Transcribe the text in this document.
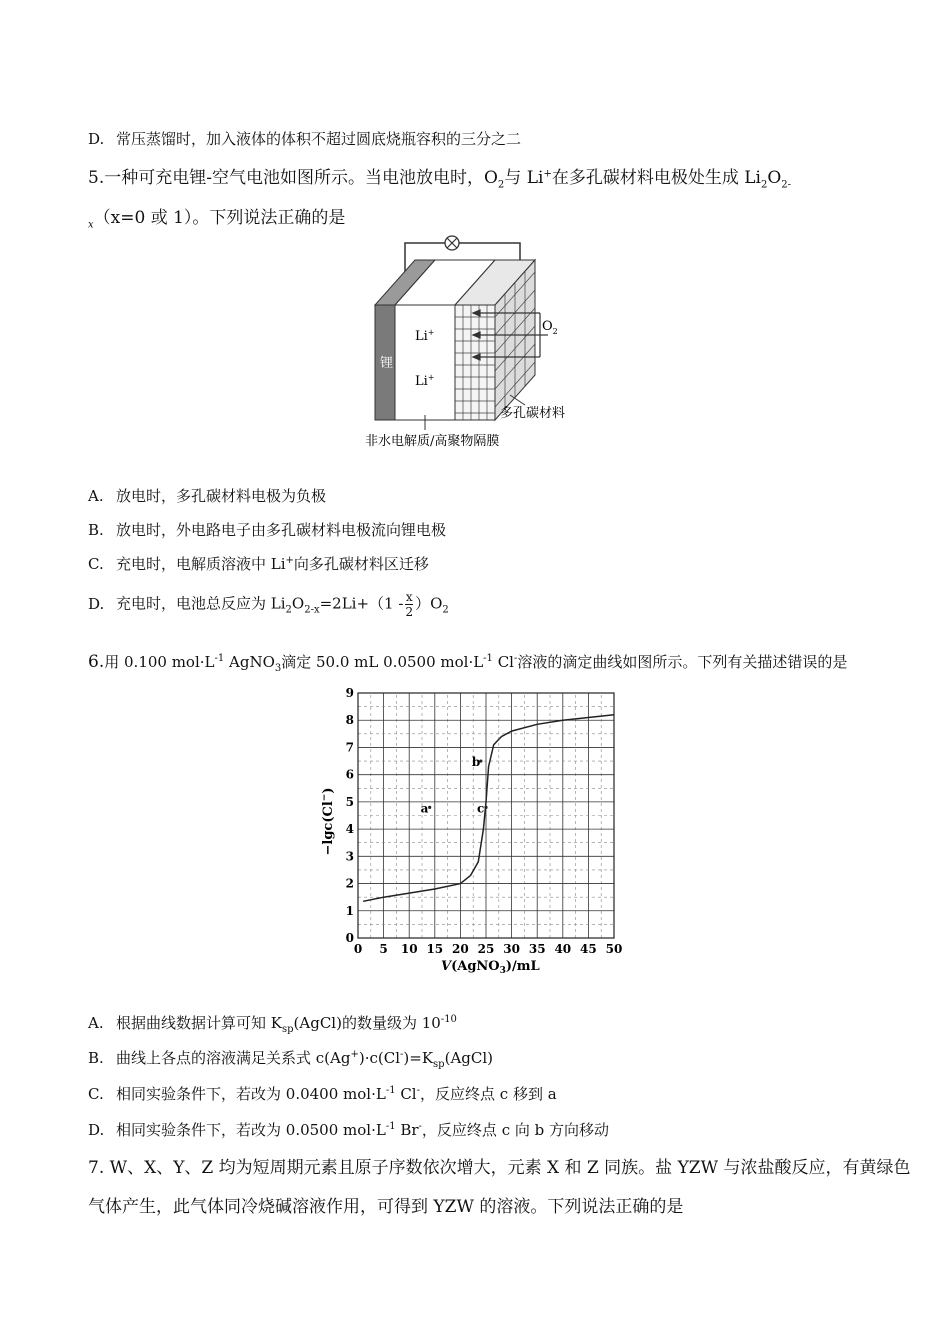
D. 常压蒸馏时，加入液体的体积不超过圆底烧瓶容积的三分之二
5.一种可充电锂-空气电池如图所示。当电池放电时，$O_2$与 Li+在多孔碳材料电极处生成 $Li_2O_{2-}$
$_x$（x=0 或 1）。下列说法正确的是
锂
Li+
Li+
$O_2$
多孔碳材料
非水电解质/高聚物隔膜
A. 放电时，多孔碳材料电极为负极
B. 放电时，外电路电子由多孔碳材料电极流向锂电极
C. 充电时，电解质溶液中 Li+向多孔碳材料区迁移
D. 充电时，电池总反应为 $Li_2O_{2-x}=2Li+(1 - \frac{x}{2} )O_2$
6.用 0.100 $mol\cdot L^{-1}$ AgNO$_3$滴定 50.0 mL 0.0500 $mol\cdot L^{-1}$ Cl-溶液的滴定曲线如图所示。下列有关描述错误的是
0 5 10 15 20 25 30 35 40 45 50
0
1
2
3
4
5
6
7
8
9
a
b
c
V(AgNO$_3$)/mL
−lgc(Cl−)
A. 根据曲线数据计算可知 $K_{sp}(AgCl)$的数量级为 $10^{-10}$
B. 曲线上各点的溶液满足关系式 $c(Ag^+)\cdot c(Cl^-)=K_{sp}(AgCl)$
C. 相同实验条件下，若改为 0.0400 $mol\cdot L^{-1}$ Cl-，反应终点 c 移到 a
D. 相同实验条件下，若改为 0.0500 $mol\cdot L^{-1}$ Br-，反应终点 c 向 b 方向移动
7. W、X、Y、Z 均为短周期元素且原子序数依次增大，元素 X 和 Z 同族。盐 YZW 与浓盐酸反应，有黄绿色
气体产生，此气体同冷烧碱溶液作用，可得到 YZW 的溶液。下列说法正确的是
